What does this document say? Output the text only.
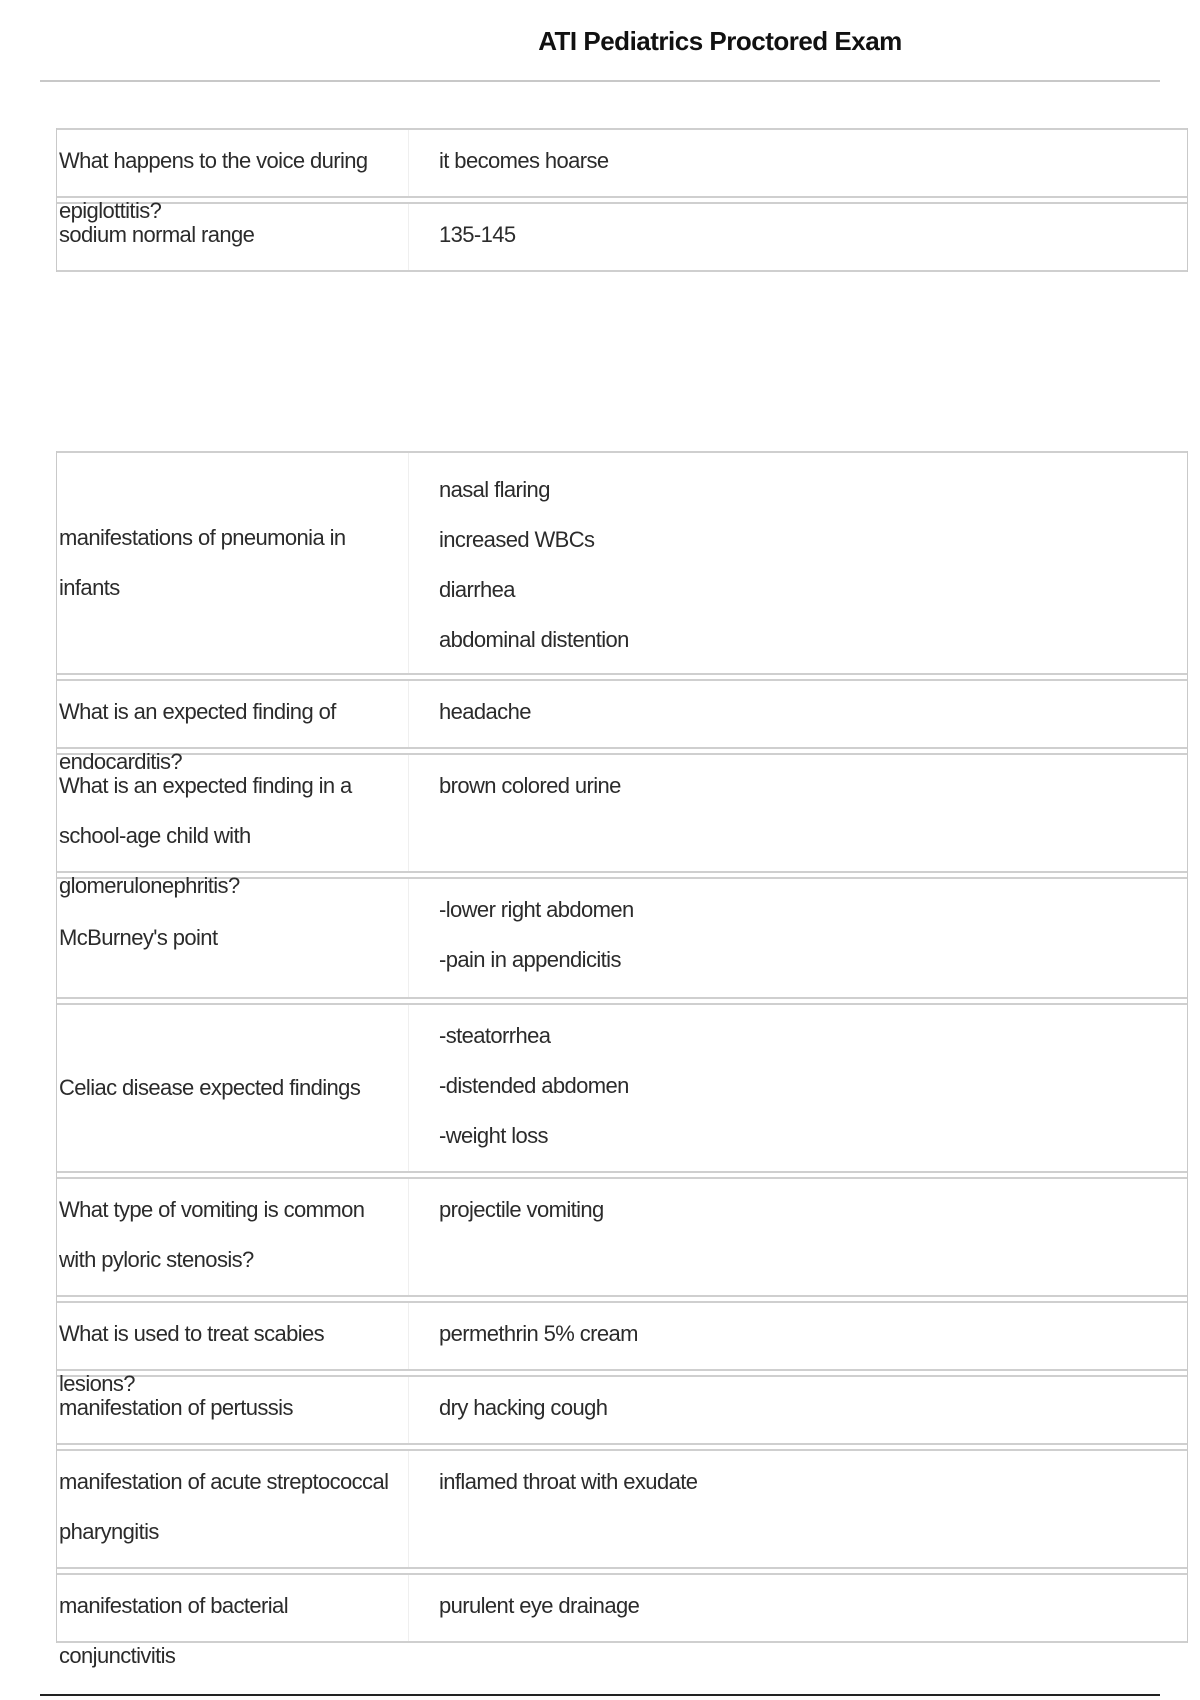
ATI Pediatrics Proctored Exam
What happens to the voice during epiglottitis?
it becomes hoarse
sodium normal range	135-145
manifestations of pneumonia in infants
nasal flaring
increased WBCs
diarrhea
abdominal distention
What is an expected finding of endocarditis?
headache
What is an expected finding in a school-age child with glomerulonephritis?
brown colored urine
McBurney's point
-lower right abdomen
-pain in appendicitis
Celiac disease expected findings
-steatorrhea
-distended abdomen
-weight loss
What type of vomiting is common with pyloric stenosis?
projectile vomiting
What is used to treat scabies lesions?
permethrin 5% cream
manifestation of pertussis	dry hacking cough
manifestation of acute streptococcal pharyngitis
inflamed throat with exudate
manifestation of bacterial conjunctivitis
purulent eye drainage
